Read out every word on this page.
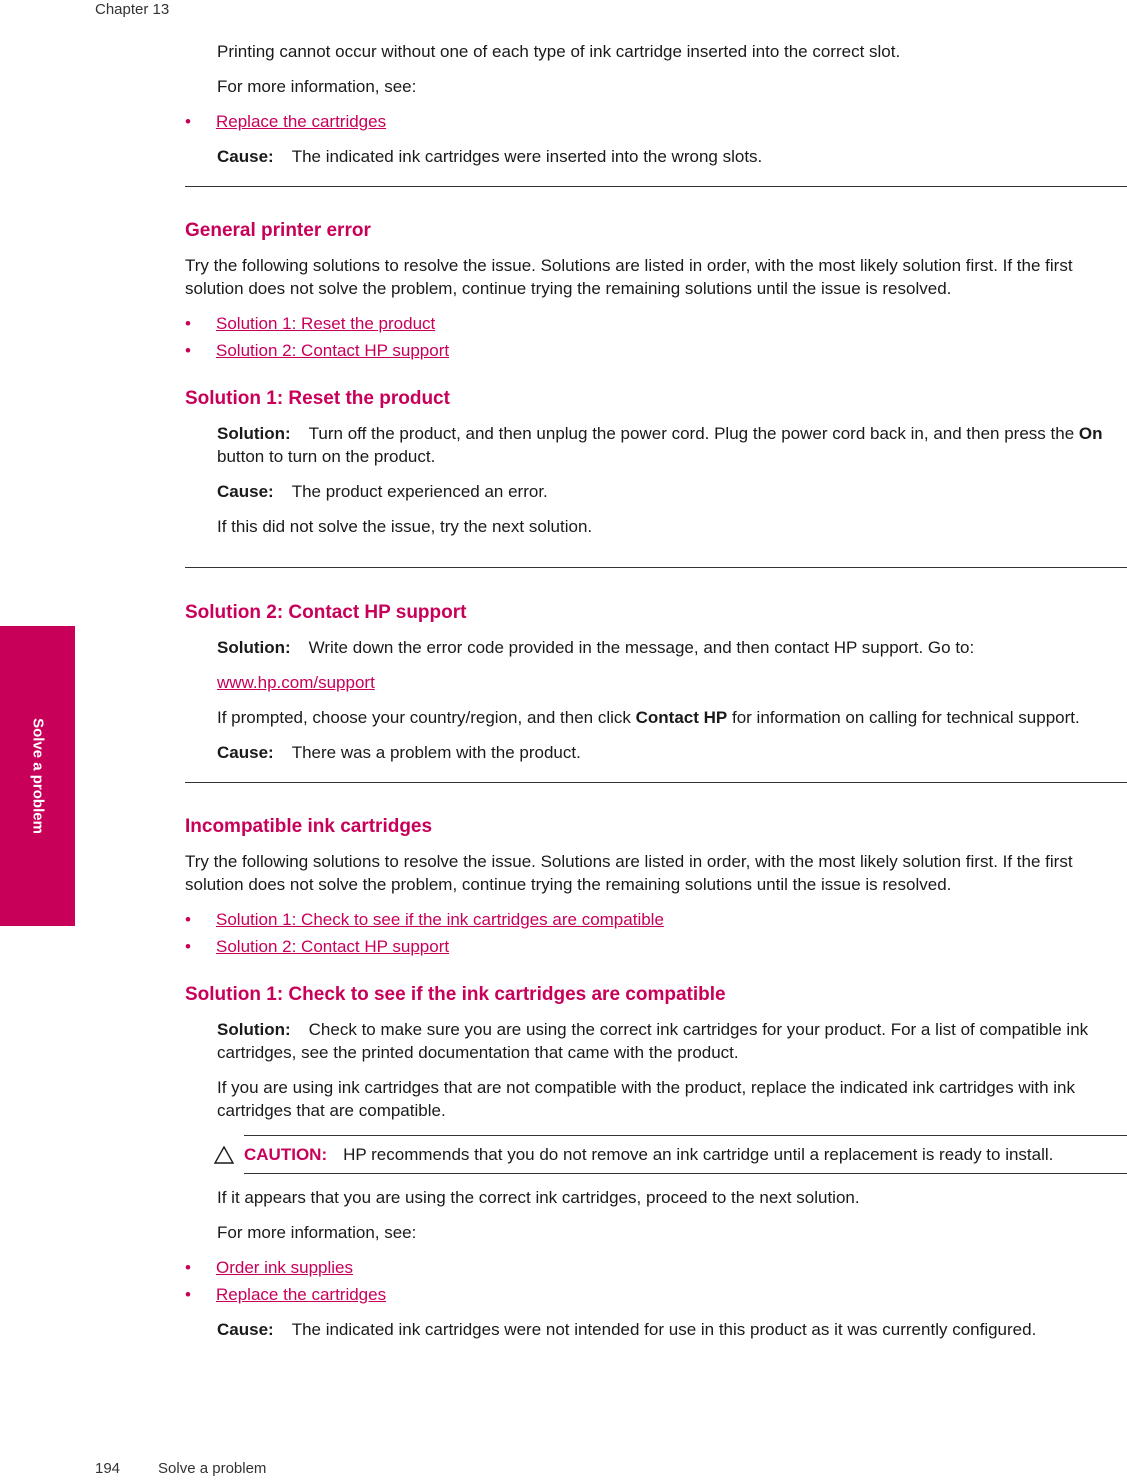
Chapter 13
Solve a problem

Printing cannot occur without one of each type of ink cartridge inserted into the correct slot.

For more information, see:

•	Replace the cartridges

Cause: The indicated ink cartridges were inserted into the wrong slots.

General printer error

Try the following solutions to resolve the issue. Solutions are listed in order, with the most likely solution first. If the first solution does not solve the problem, continue trying the remaining solutions until the issue is resolved.

•	Solution 1: Reset the product
•	Solution 2: Contact HP support
Solution 1: Reset the product

Solution: Turn off the product, and then unplug the power cord. Plug the power cord back in, and then press the On button to turn on the product.

Cause: The product experienced an error.

If this did not solve the issue, try the next solution.

Solution 2: Contact HP support

Solution: Write down the error code provided in the message, and then contact HP support. Go to:

www.hp.com/support

If prompted, choose your country/region, and then click Contact HP for information on calling for technical support.

Cause: There was a problem with the product.

Incompatible ink cartridges

Try the following solutions to resolve the issue. Solutions are listed in order, with the most likely solution first. If the first solution does not solve the problem, continue trying the remaining solutions until the issue is resolved.

•	Solution 1: Check to see if the ink cartridges are compatible
•	Solution 2: Contact HP support
Solution 1: Check to see if the ink cartridges are compatible

Solution: Check to make sure you are using the correct ink cartridges for your product. For a list of compatible ink cartridges, see the printed documentation that came with the product.

If you are using ink cartridges that are not compatible with the product, replace the indicated ink cartridges with ink cartridges that are compatible.

CAUTION: HP recommends that you do not remove an ink cartridge until a replacement is ready to install.

If it appears that you are using the correct ink cartridges, proceed to the next solution.

For more information, see:

•	Order ink supplies
•	Replace the cartridges

Cause: The indicated ink cartridges were not intended for use in this product as it was currently configured.

194	Solve a problem
